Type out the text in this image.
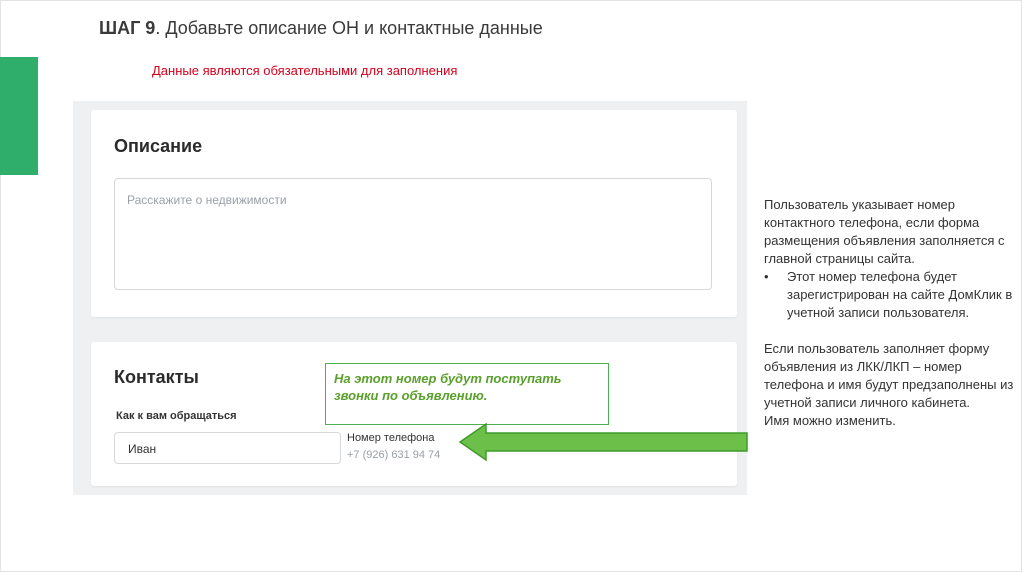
ШАГ 9. Добавьте описание ОН и контактные данные
Данные являются обязательными для заполнения
Описание
Расскажите о недвижимости
Контакты
Как к вам обращаться
Иван
Номер телефона
+7 (926) 631 94 74
На этот номер будут поступать звонки по объявлению.

Пользователь указывает номер контактного телефона, если форма размещения объявления заполняется с главной страницы сайта.

• Этот номер телефона будет зарегистрирован на сайте ДомКлик в учетной записи пользователя.

Если пользователь заполняет форму объявления из ЛКК/ЛКП – номер телефона и имя будут предзаполнены из учетной записи личного кабинета.

Имя можно изменить.
